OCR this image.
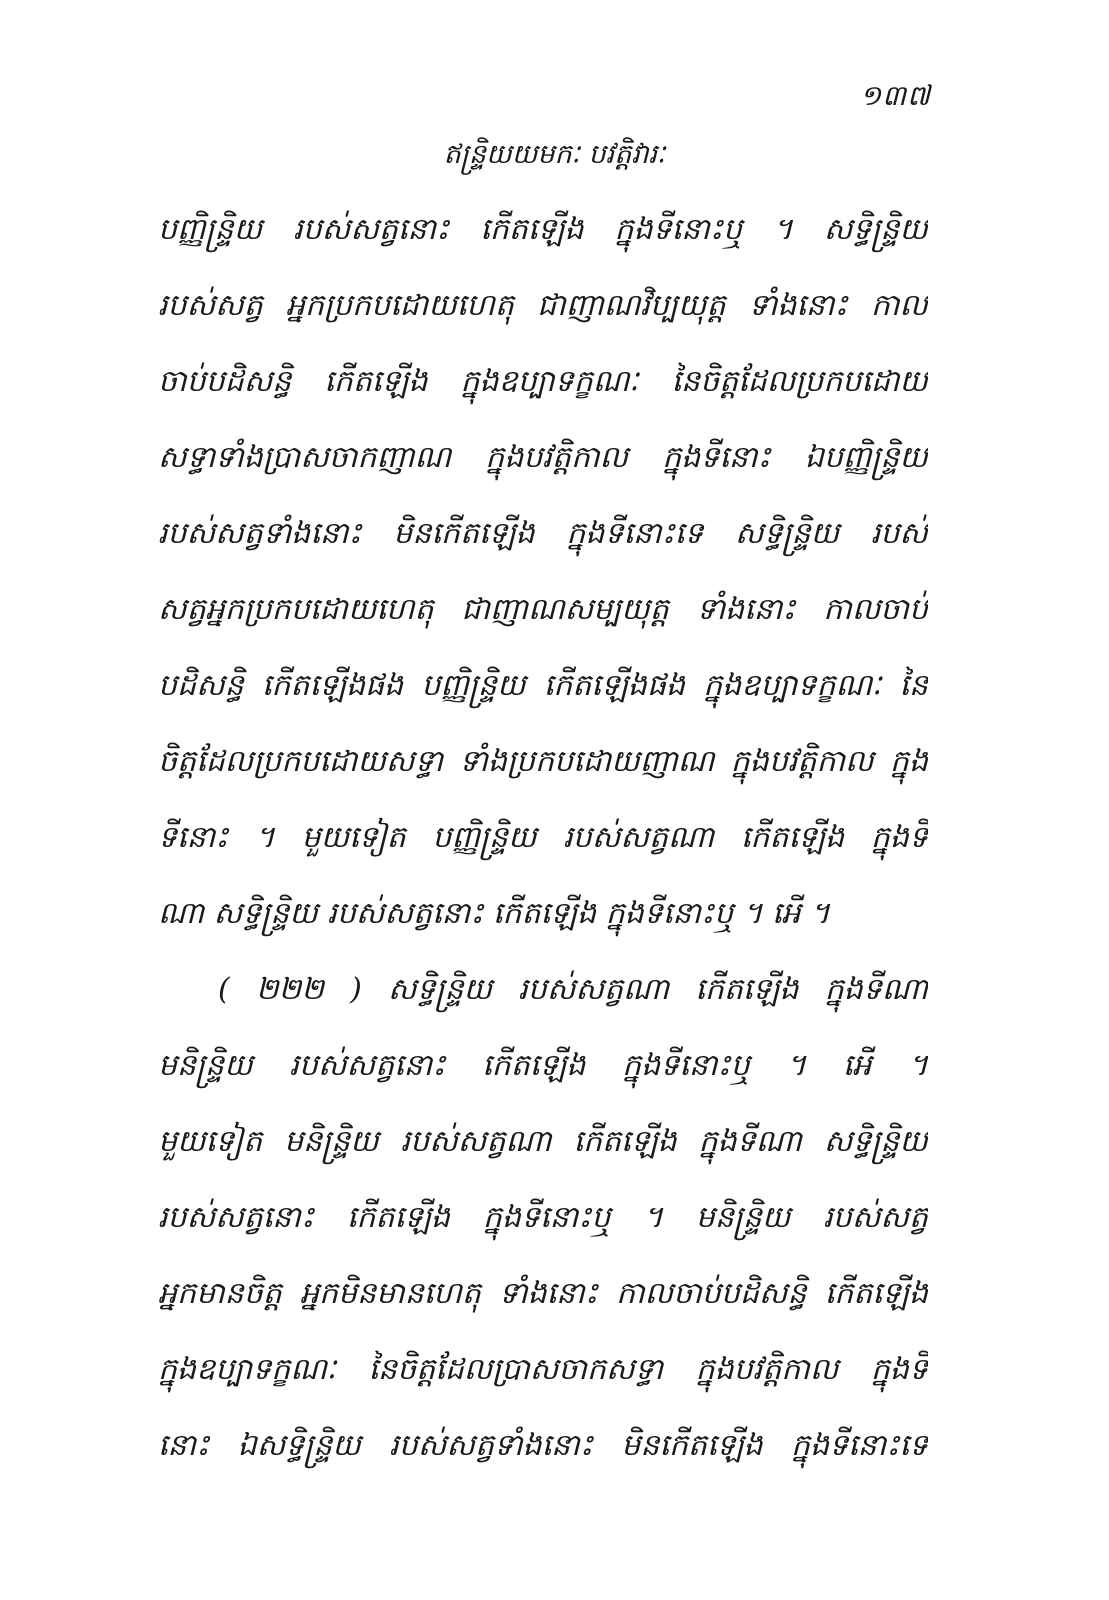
១៣៧
ឥន្ទ្រិយយមកៈ បវត្តិវារៈ
បញ្ញិន្ទ្រិយ របស់សត្វនោះ កើតឡើង ក្នុងទីនោះឬ ។ សទ្ធិន្ទ្រិយ
របស់សត្វ អ្នកប្រកបដោយហេតុ ជាញាណវិប្បយុត្ត ទាំងនោះ កាល
ចាប់បដិសន្ធិ កើតឡើង ក្នុងឧប្បាទក្ខណៈ នៃចិត្តដែលប្រកបដោយ
សទ្ធាទាំងប្រាសចាកញាណ ក្នុងបវត្តិកាល ក្នុងទីនោះ ឯបញ្ញិន្ទ្រិយ
របស់សត្វទាំងនោះ មិនកើតឡើង ក្នុងទីនោះទេ សទ្ធិន្ទ្រិយ របស់
សត្វអ្នកប្រកបដោយហេតុ ជាញាណសម្បយុត្ត ទាំងនោះ កាលចាប់
បដិសន្ធិ កើតឡើងផង បញ្ញិន្ទ្រិយ កើតឡើងផង ក្នុងឧប្បាទក្ខណៈ នៃ
ចិត្តដែលប្រកបដោយសទ្ធា ទាំងប្រកបដោយញាណ ក្នុងបវត្តិកាល ក្នុង
ទីនោះ ។ មួយទៀត បញ្ញិន្ទ្រិយ របស់សត្វណា កើតឡើង ក្នុងទី
ណា សទ្ធិន្ទ្រិយ របស់សត្វនោះ កើតឡើង ក្នុងទីនោះឬ ។ អើ ។
( ២២២ ) សទ្ធិន្ទ្រិយ របស់សត្វណា កើតឡើង ក្នុងទីណា
មនិន្ទ្រិយ របស់សត្វនោះ កើតឡើង ក្នុងទីនោះឬ ។ អើ ។
មួយទៀត មនិន្ទ្រិយ របស់សត្វណា កើតឡើង ក្នុងទីណា សទ្ធិន្ទ្រិយ
របស់សត្វនោះ កើតឡើង ក្នុងទីនោះឬ ។ មនិន្ទ្រិយ របស់សត្វ
អ្នកមានចិត្ត អ្នកមិនមានហេតុ ទាំងនោះ កាលចាប់បដិសន្ធិ កើតឡើង
ក្នុងឧប្បាទក្ខណៈ នៃចិត្តដែលប្រាសចាកសទ្ធា ក្នុងបវត្តិកាល ក្នុងទី
នោះ ឯសទ្ធិន្ទ្រិយ របស់សត្វទាំងនោះ មិនកើតឡើង ក្នុងទីនោះទេ
